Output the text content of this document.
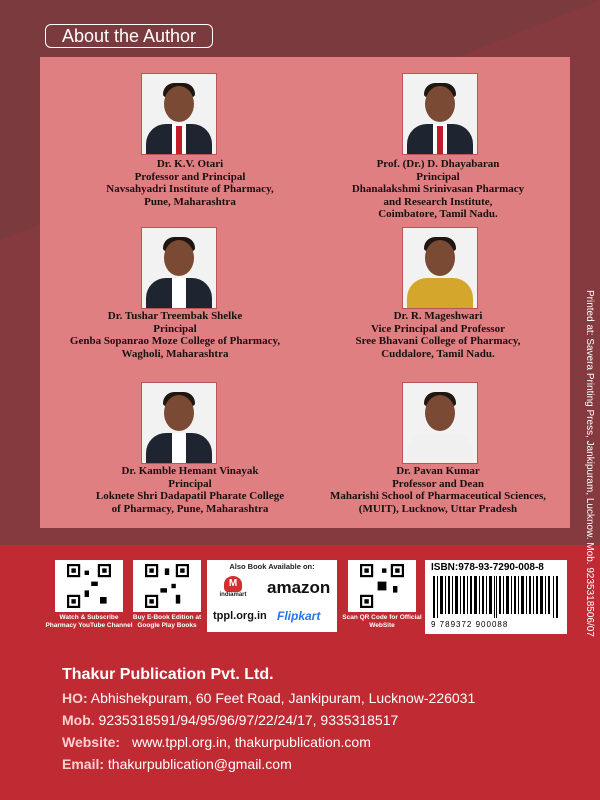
About the Author
Dr. K.V. Otari
Professor and Principal
Navsahyadri Institute of Pharmacy,
Pune, Maharashtra
Prof. (Dr.) D. Dhayabaran
Principal
Dhanalakshmi Srinivasan Pharmacy
and Research Institute,
Coimbatore, Tamil Nadu.
Dr. Tushar Treembak Shelke
Principal
Genba Sopanrao Moze College of Pharmacy,
Wagholi, Maharashtra
Dr. R. Mageshwari
Vice Principal and Professor
Sree Bhavani College of Pharmacy,
Cuddalore, Tamil Nadu.
Dr. Kamble Hemant Vinayak
Principal
Loknete Shri Dadapatil Pharate College
of Pharmacy, Pune, Maharashtra
Dr. Pavan Kumar
Professor and Dean
Maharishi School of Pharmaceutical Sciences,
(MUIT), Lucknow, Uttar Pradesh	Printed at: Savera Printing Press, Jankipuram, Lucknow. Mob. 9235318506/07
Watch & Subscribe Pharmacy YouTube Channel
Buy E-Book Edition at Google Play Books
Also Book Available on:
M
indiamart amazon
tppl.org.in Flipkart	Scan QR Code for Official WebSite
ISBN:978-93-7290-008-8
9 789372 900088
Thakur Publication Pvt. Ltd.
HO: Abhishekpuram, 60 Feet Road, Jankipuram, Lucknow-226031
Mob. 9235318591/94/95/96/97/22/24/17, 9335318517
Website: www.tppl.org.in, thakurpublication.com
Email: thakurpublication@gmail.com
